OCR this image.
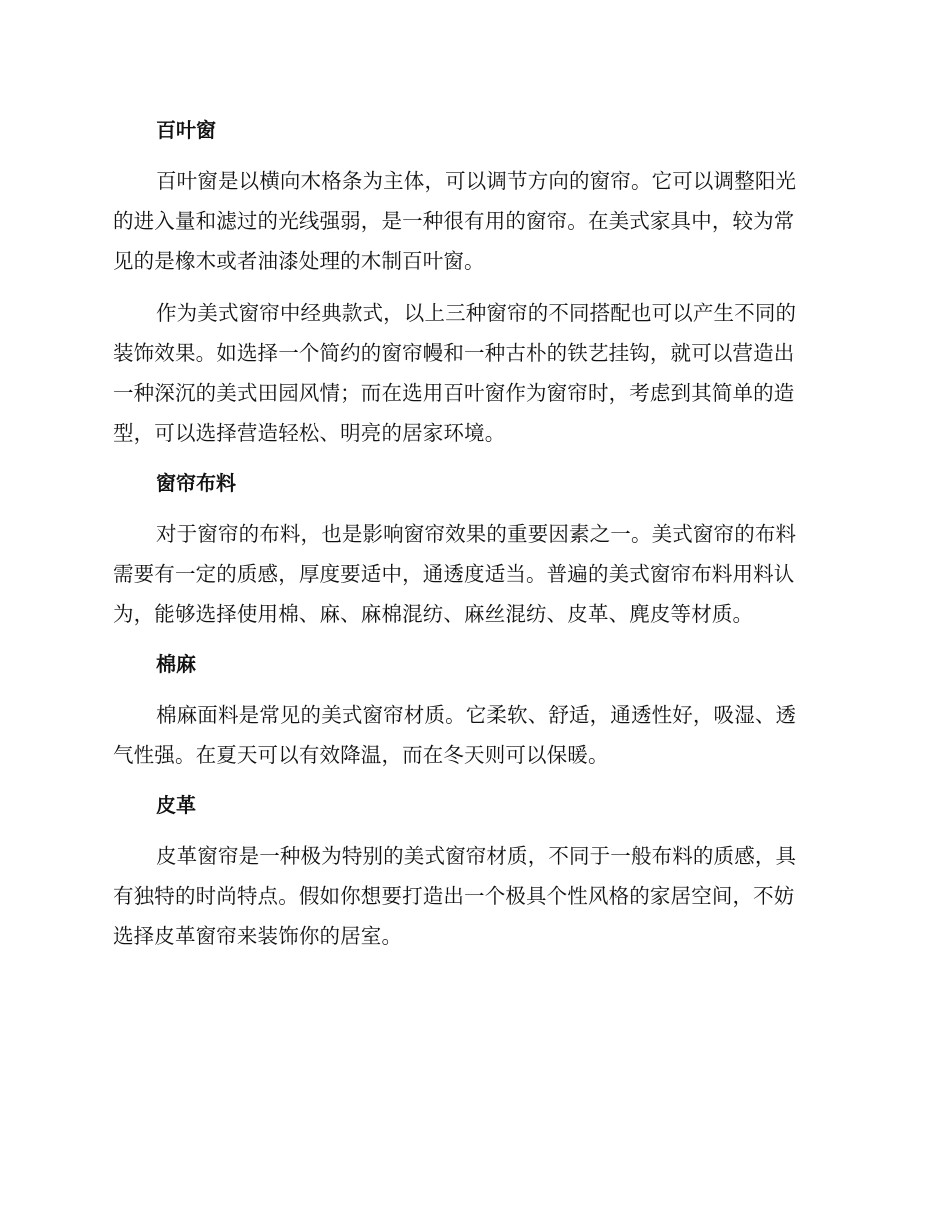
百叶窗

百叶窗是以横向木格条为主体，可以调节方向的窗帘。它可以调整阳光
的进入量和滤过的光线强弱，是一种很有用的窗帘。在美式家具中，较为常
见的是橡木或者油漆处理的木制百叶窗。

作为美式窗帘中经典款式，以上三种窗帘的不同搭配也可以产生不同的
装饰效果。如选择一个简约的窗帘幔和一种古朴的铁艺挂钩，就可以营造出
一种深沉的美式田园风情；而在选用百叶窗作为窗帘时，考虑到其简单的造
型，可以选择营造轻松、明亮的居家环境。

窗帘布料

对于窗帘的布料，也是影响窗帘效果的重要因素之一。美式窗帘的布料
需要有一定的质感，厚度要适中，通透度适当。普遍的美式窗帘布料用料认
为，能够选择使用棉、麻、麻棉混纺、麻丝混纺、皮革、麂皮等材质。

棉麻

棉麻面料是常见的美式窗帘材质。它柔软、舒适，通透性好，吸湿、透
气性强。在夏天可以有效降温，而在冬天则可以保暖。

皮革

皮革窗帘是一种极为特别的美式窗帘材质，不同于一般布料的质感，具
有独特的时尚特点。假如你想要打造出一个极具个性风格的家居空间，不妨
选择皮革窗帘来装饰你的居室。
